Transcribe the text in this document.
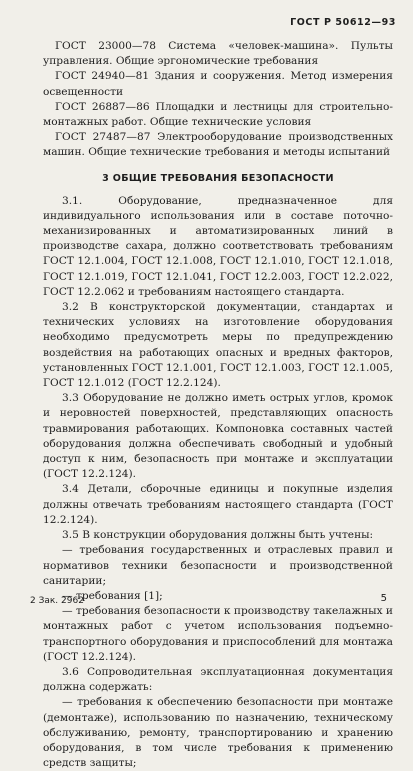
ГОСТ Р 50612—93

ГОСТ 23000—78 Система «человек-машина». Пульты управления. Общие эргономические требования

ГОСТ 24940—81 Здания и сооружения. Метод измерения освещенности

ГОСТ 26887—86 Площадки и лестницы для строительно-монтажных работ. Общие технические условия

ГОСТ 27487—87 Электрооборудование производственных машин. Общие технические требования и методы испытаний

3 ОБЩИЕ ТРЕБОВАНИЯ БЕЗОПАСНОСТИ

3.1. Оборудование, предназначенное для индивидуального использования или в составе поточно-механизированных и автоматизированных линий в производстве сахара, должно соответствовать требованиям ГОСТ 12.1.004, ГОСТ 12.1.008, ГОСТ 12.1.010, ГОСТ 12.1.018, ГОСТ 12.1.019, ГОСТ 12.1.041, ГОСТ 12.2.003, ГОСТ 12.2.022, ГОСТ 12.2.062 и требованиям настоящего стандарта.

3.2 В конструкторской документации, стандартах и технических условиях на изготовление оборудования необходимо предусмотреть меры по предупреждению воздействия на работающих опасных и вредных факторов, установленных ГОСТ 12.1.001, ГОСТ 12.1.003, ГОСТ 12.1.005, ГОСТ 12.1.012 (ГОСТ 12.2.124).

3.3 Оборудование не должно иметь острых углов, кромок и неровностей поверхностей, представляющих опасность травмирования работающих. Компоновка составных частей оборудования должна обеспечивать свободный и удобный доступ к ним, безопасность при монтаже и эксплуатации (ГОСТ 12.2.124).

3.4 Детали, сборочные единицы и покупные изделия должны отвечать требованиям настоящего стандарта (ГОСТ 12.2.124).

3.5 В конструкции оборудования должны быть учтены:

— требования государственных и отраслевых правил и нормативов техники безопасности и производственной санитарии;

— требования [1];

— требования безопасности к производству такелажных и монтажных работ с учетом использования подъемно-транспортного оборудования и приспособлений для монтажа (ГОСТ 12.2.124).

3.6 Сопроводительная эксплуатационная документация должна содержать:

— требования к обеспечению безопасности при монтаже (демонтаже), использованию по назначению, техническому обслуживанию, ремонту, транспортированию и хранению оборудования, в том числе требования к применению средств защиты;

2 Зак. 2962	5
